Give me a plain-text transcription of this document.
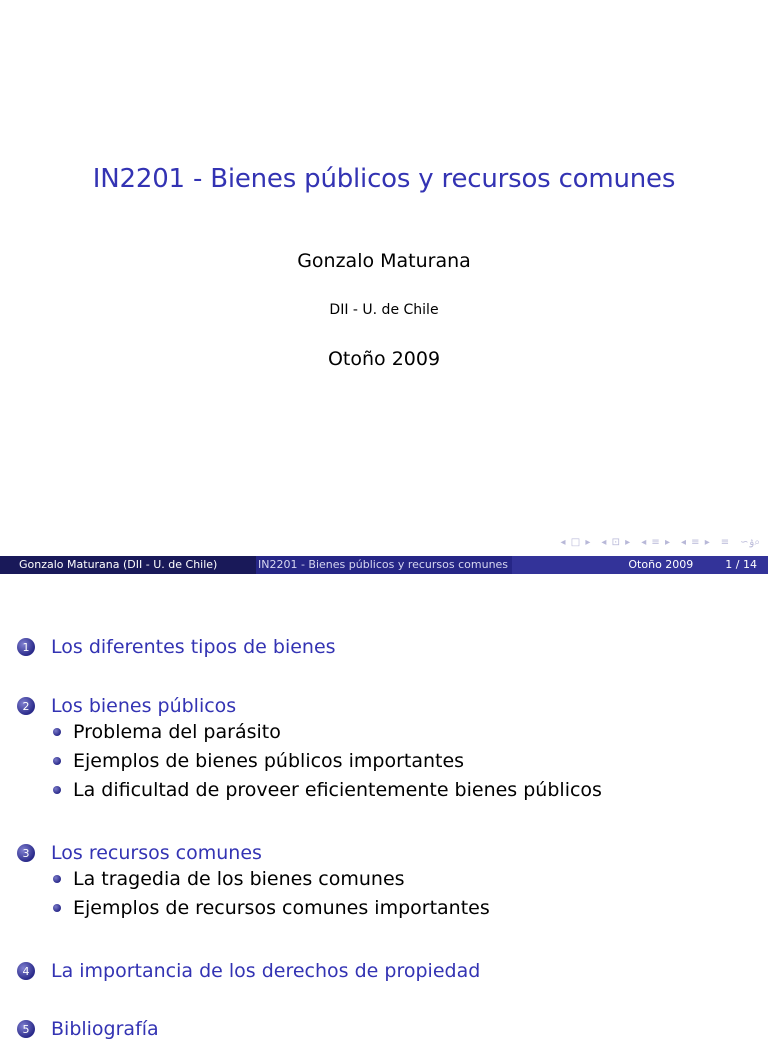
IN2201 - Bienes públicos y recursos comunes
Gonzalo Maturana
DII - U. de Chile
Otoño 2009
◂ □ ▸ ◂ ⊡ ▸ ◂ ≡ ▸ ◂ ≡ ▸ ≡ ∽ۉ⌕
Gonzalo Maturana (DII - U. de Chile)	IN2201 - Bienes públicos y recursos comunes	Otoño 2009	1 / 14
1 Los diferentes tipos de bienes
2 Los bienes públicos
Problema del parásito
Ejemplos de bienes públicos importantes
La dificultad de proveer eficientemente bienes públicos
3 Los recursos comunes
La tragedia de los bienes comunes
Ejemplos de recursos comunes importantes
4 La importancia de los derechos de propiedad
5 Bibliografía
